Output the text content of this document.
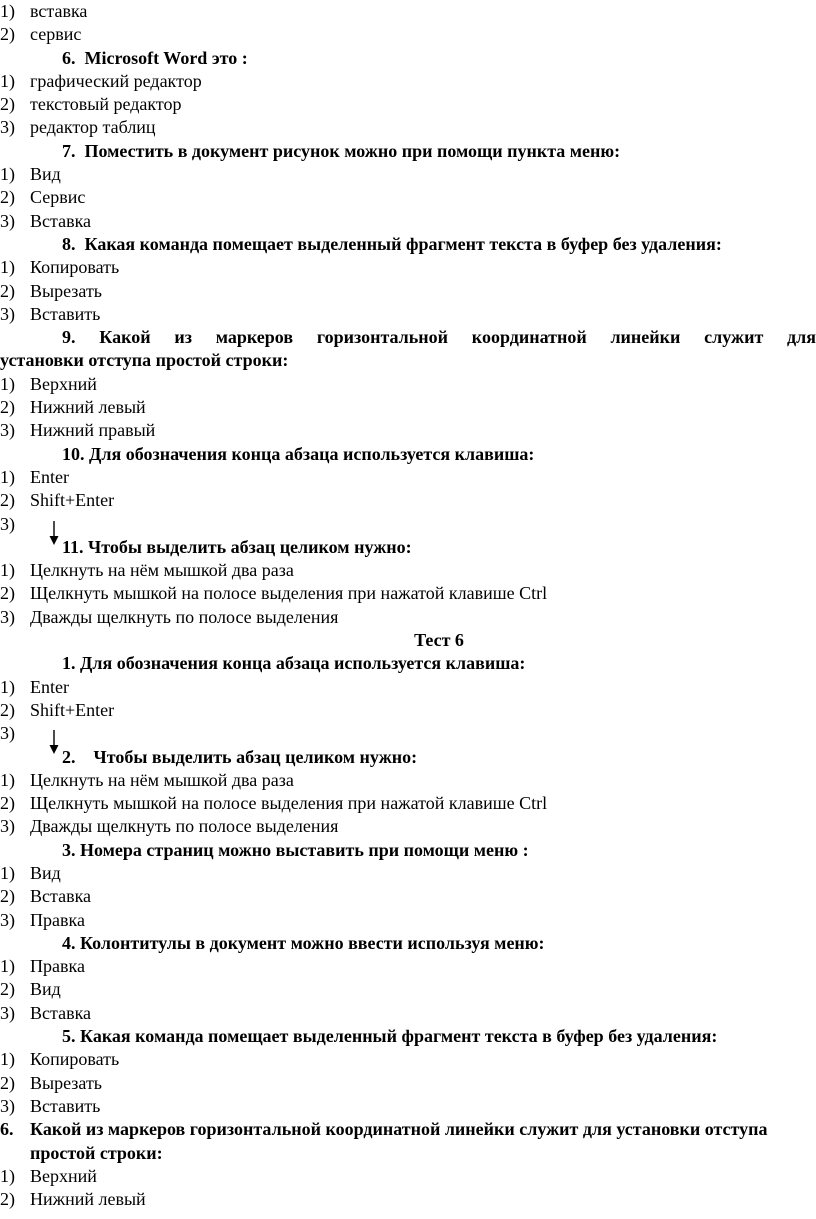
1) вставка
2) сервис
6. Microsoft Word это :
1) графический редактор
2) текстовый редактор
3) редактор таблиц
7. Поместить в документ рисунок можно при помощи пункта меню:
1) Вид
2) Сервис
3) Вставка
8. Какая команда помещает выделенный фрагмент текста в буфер без удаления:
1) Копировать
2) Вырезать
3) Вставить
9. Какой из маркеров горизонтальной координатной линейки служит для
установки отступа простой строки:
1) Верхний
2) Нижний левый
3) Нижний правый
10. Для обозначения конца абзаца используется клавиша:
1) Enter
2) Shift+Enter
3)
11. Чтобы выделить абзац целиком нужно:
1) Целкнуть на нём мышкой два раза
2) Щелкнуть мышкой на полосе выделения при нажатой клавише Ctrl
3) Дважды щелкнуть по полосе выделения
Тест 6
1. Для обозначения конца абзаца используется клавиша:
1) Enter
2) Shift+Enter
3)
2. Чтобы выделить абзац целиком нужно:
1) Целкнуть на нём мышкой два раза
2) Щелкнуть мышкой на полосе выделения при нажатой клавише Ctrl
3) Дважды щелкнуть по полосе выделения
3. Номера страниц можно выставить при помощи меню :
1) Вид
2) Вставка
3) Правка
4. Колонтитулы в документ можно ввести используя меню:
1) Правка
2) Вид
3) Вставка
5. Какая команда помещает выделенный фрагмент текста в буфер без удаления:
1) Копировать
2) Вырезать
3) Вставить
6. Какой из маркеров горизонтальной координатной линейки служит для установки отступа простой строки:
1) Верхний
2) Нижний левый
